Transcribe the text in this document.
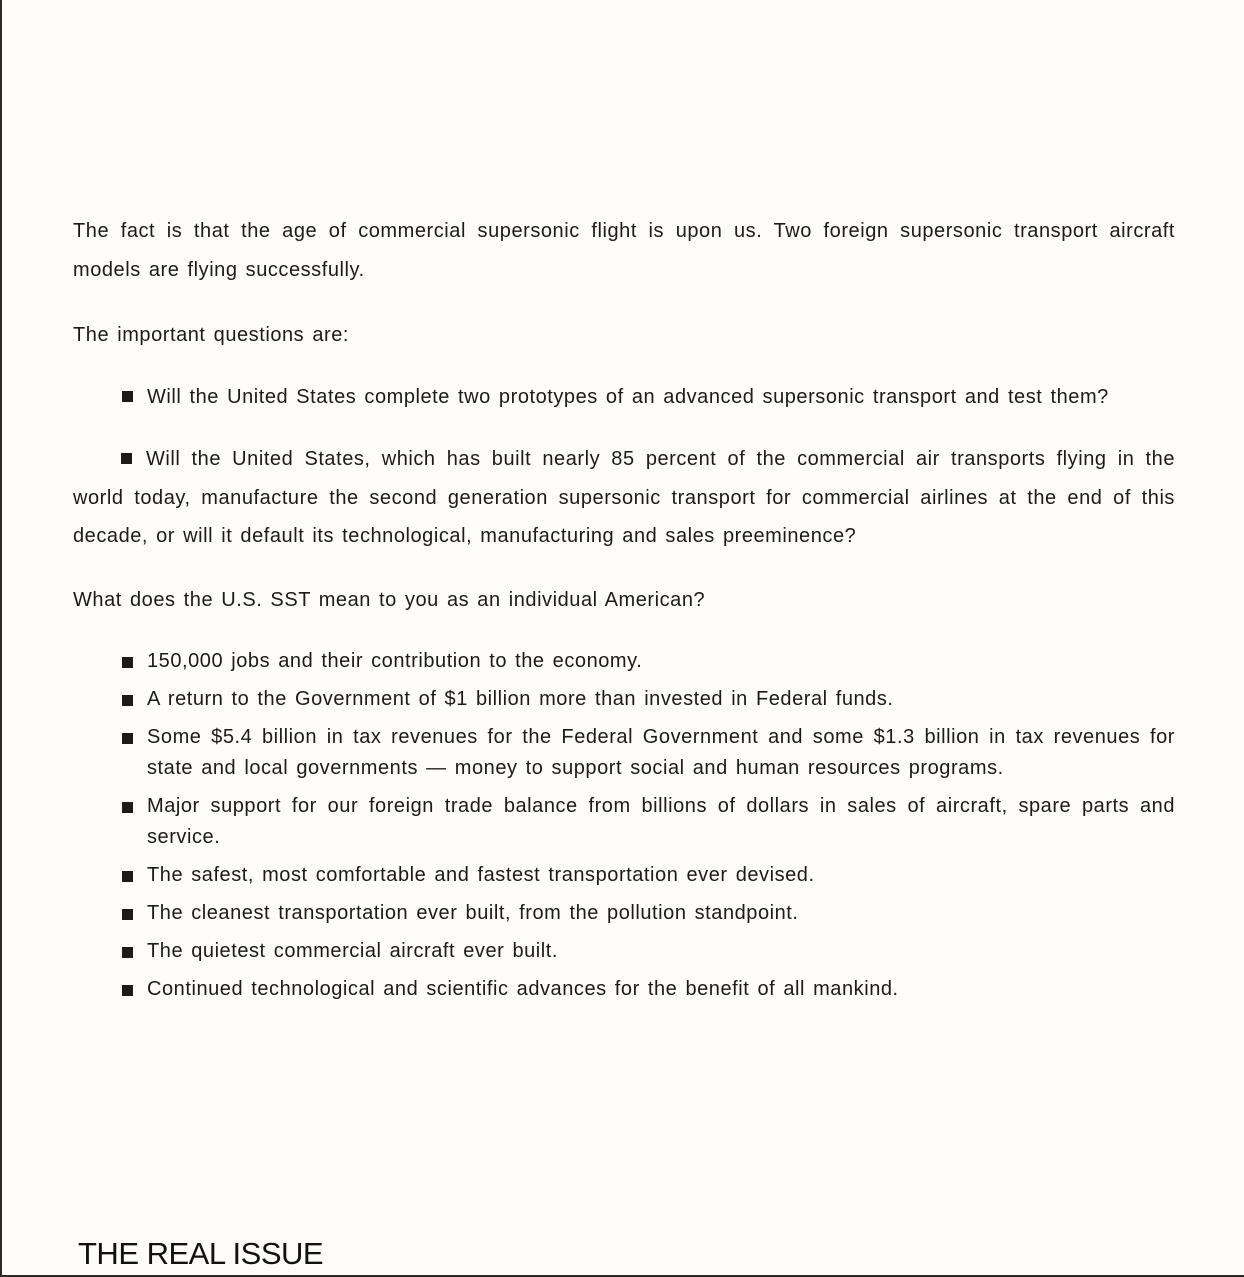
The fact is that the age of commercial supersonic flight is upon us. Two foreign supersonic transport aircraft models are flying successfully.

The important questions are:

Will the United States complete two prototypes of an advanced supersonic transport and test them?

Will the United States, which has built nearly 85 percent of the commercial air transports flying in the world today, manufacture the second generation supersonic transport for commercial airlines at the end of this decade, or will it default its technological, manufacturing and sales preeminence?

What does the U.S. SST mean to you as an individual American?

150,000 jobs and their contribution to the economy.
A return to the Government of $1 billion more than invested in Federal funds.
Some $5.4 billion in tax revenues for the Federal Government and some $1.3 billion in tax revenues for state and local governments — money to support social and human resources programs.
Major support for our foreign trade balance from billions of dollars in sales of aircraft, spare parts and service.
The safest, most comfortable and fastest transportation ever devised.
The cleanest transportation ever built, from the pollution standpoint.
The quietest commercial aircraft ever built.
Continued technological and scientific advances for the benefit of all mankind.
THE REAL ISSUE
